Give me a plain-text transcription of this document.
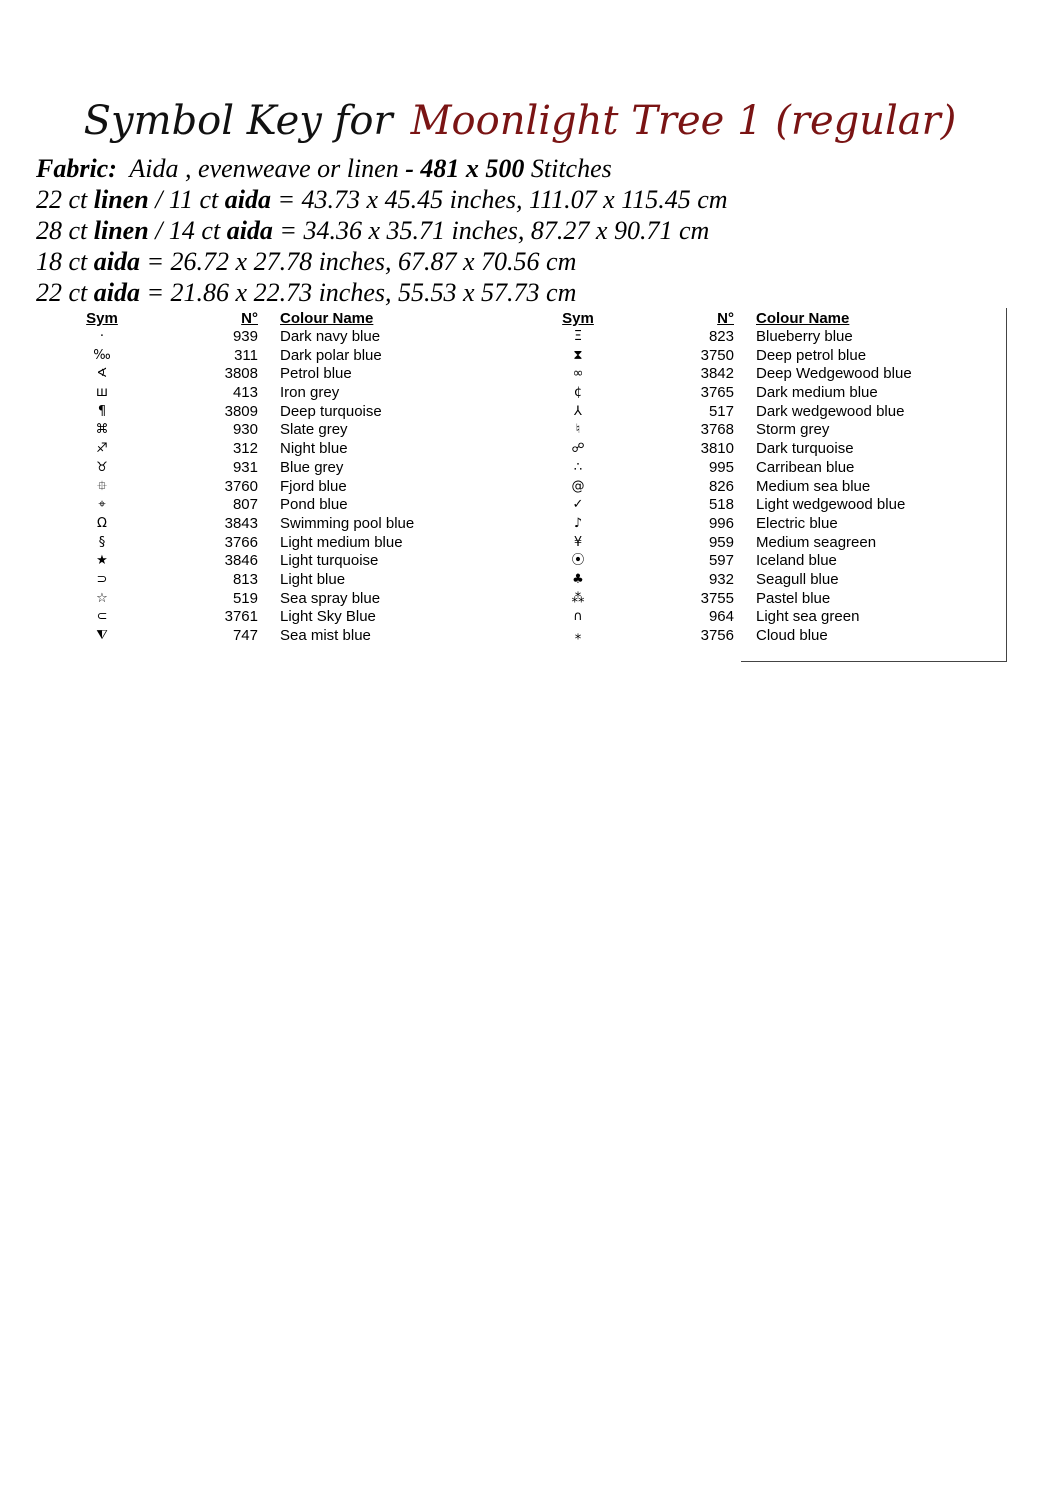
Symbol Key for Moonlight Tree 1 (regular)
Fabric: Aida , evenweave or linen - 481 x 500 Stitches
22 ct linen / 11 ct aida = 43.73 x 45.45 inches, 111.07 x 115.45 cm
28 ct linen / 14 ct aida = 34.36 x 35.71 inches, 87.27 x 90.71 cm
18 ct aida = 26.72 x 27.78 inches, 67.87 x 70.56 cm
22 ct aida = 21.86 x 22.73 inches, 55.53 x 57.73 cm
Sym	N°	Colour Name
·	939	Dark navy blue
‰	311	Dark polar blue
∢	3808	Petrol blue
ш	413	Iron grey
¶	3809	Deep turquoise
⌘	930	Slate grey
♐	312	Night blue
♉	931	Blue grey
⯐	3760	Fjord blue
⌖	807	Pond blue
Ω	3843	Swimming pool blue
§	3766	Light medium blue
★	3846	Light turquoise
⊃	813	Light blue
☆	519	Sea spray blue
⊂	3761	Light Sky Blue
⧨	747	Sea mist blue
Sym	N°	Colour Name
Ξ	823	Blueberry blue
⧗	3750	Deep petrol blue
∞	3842	Deep Wedgewood blue
¢	3765	Dark medium blue
⅄	517	Dark wedgewood blue
♮	3768	Storm grey
☍	3810	Dark turquoise
∴	995	Carribean blue
@	826	Medium sea blue
✓	518	Light wedgewood blue
♪	996	Electric blue
¥	959	Medium seagreen
⦿	597	Iceland blue
♣	932	Seagull blue
⁂	3755	Pastel blue
∩	964	Light sea green
⁎	3756	Cloud blue
